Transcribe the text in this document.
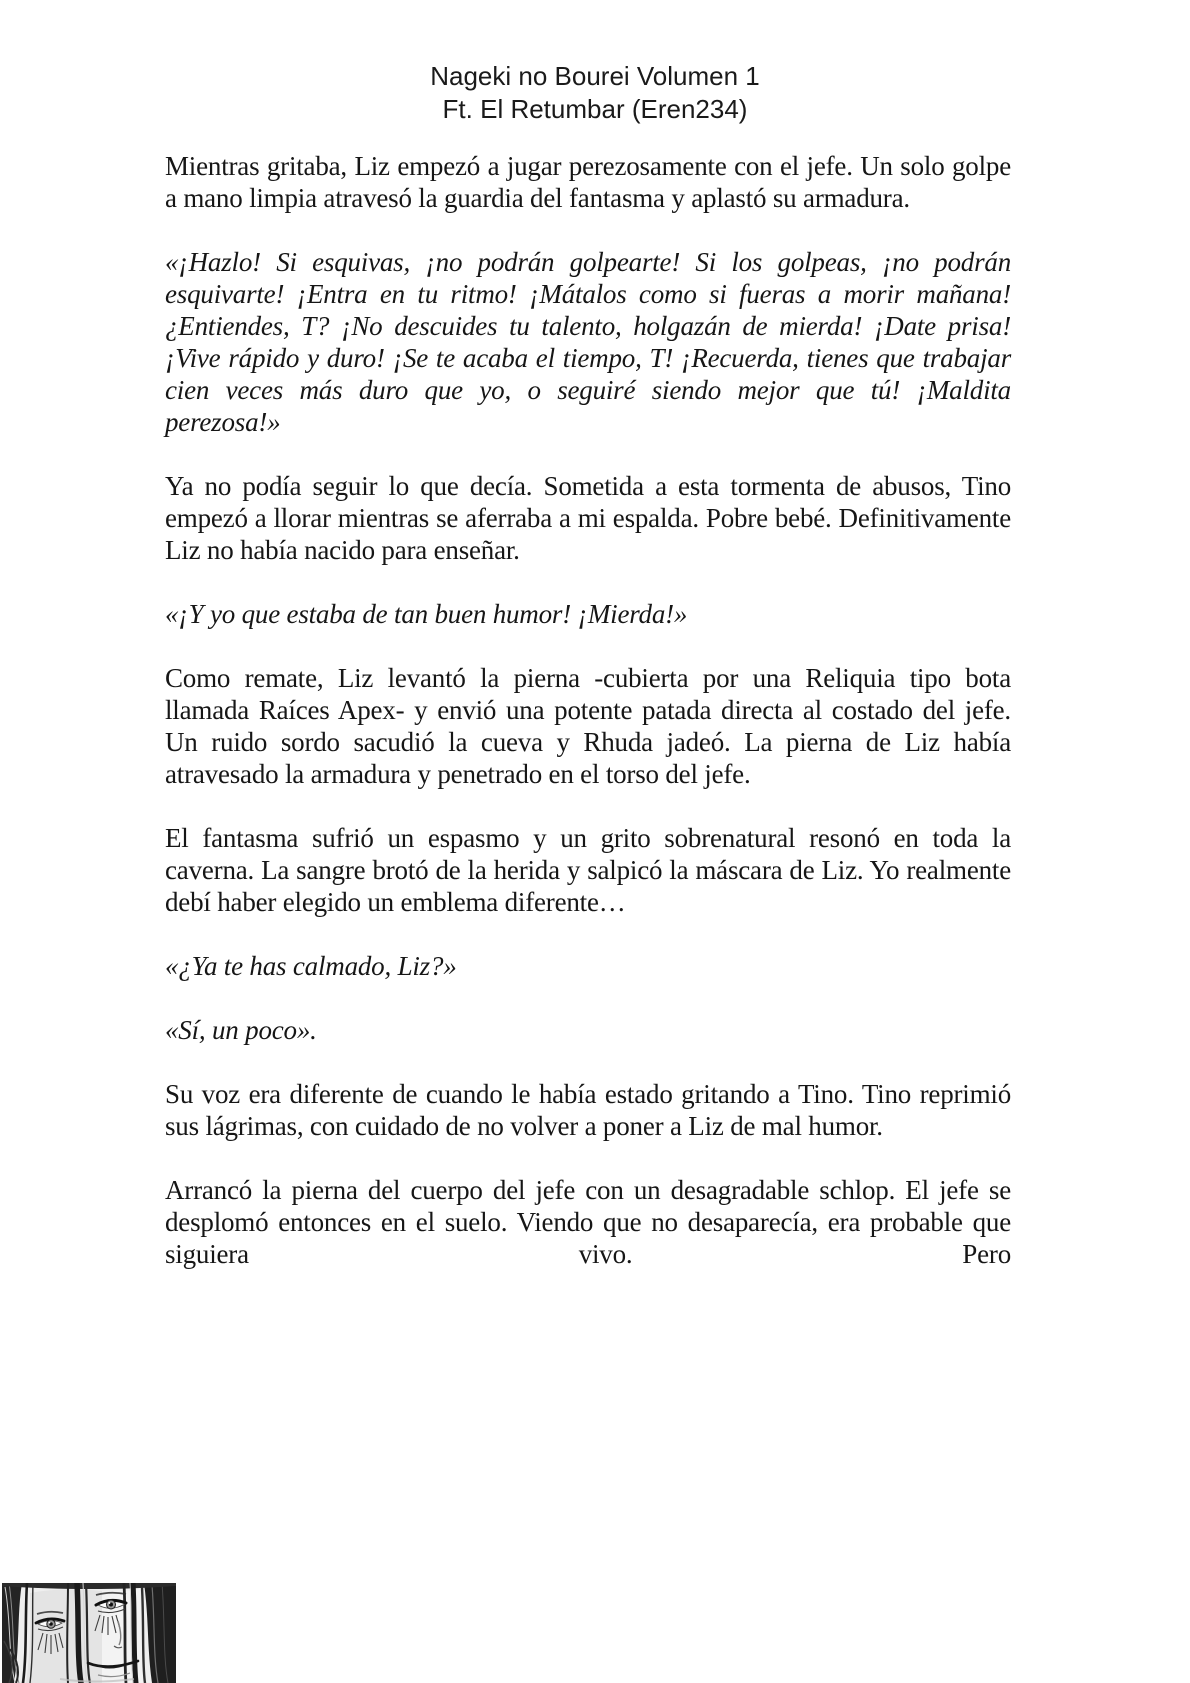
Nageki no Bourei Volumen 1
Ft. El Retumbar (Eren234)

Mientras gritaba, Liz empezó a jugar perezosamente con el jefe. Un solo golpe a mano limpia atravesó la guardia del fantasma y aplastó su armadura.

«¡Hazlo! Si esquivas, ¡no podrán golpearte! Si los golpeas, ¡no podrán esquivarte! ¡Entra en tu ritmo! ¡Mátalos como si fueras a morir mañana! ¿Entiendes, T? ¡No descuides tu talento, holgazán de mierda! ¡Date prisa! ¡Vive rápido y duro! ¡Se te acaba el tiempo, T! ¡Recuerda, tienes que trabajar cien veces más duro que yo, o seguiré siendo mejor que tú! ¡Maldita perezosa!»

Ya no podía seguir lo que decía. Sometida a esta tormenta de abusos, Tino empezó a llorar mientras se aferraba a mi espalda. Pobre bebé. Definitivamente Liz no había nacido para enseñar.

«¡Y yo que estaba de tan buen humor! ¡Mierda!»

Como remate, Liz levantó la pierna -cubierta por una Reliquia tipo bota llamada Raíces Apex- y envió una potente patada directa al costado del jefe. Un ruido sordo sacudió la cueva y Rhuda jadeó. La pierna de Liz había atravesado la armadura y penetrado en el torso del jefe.

El fantasma sufrió un espasmo y un grito sobrenatural resonó en toda la caverna. La sangre brotó de la herida y salpicó la máscara de Liz. Yo realmente debí haber elegido un emblema diferente…

«¿Ya te has calmado, Liz?»

«Sí, un poco».

Su voz era diferente de cuando le había estado gritando a Tino. Tino reprimió sus lágrimas, con cuidado de no volver a poner a Liz de mal humor.

Arrancó la pierna del cuerpo del jefe con un desagradable schlop. El jefe se desplomó entonces en el suelo. Viendo que no desaparecía, era probable que siguiera vivo. Pero
